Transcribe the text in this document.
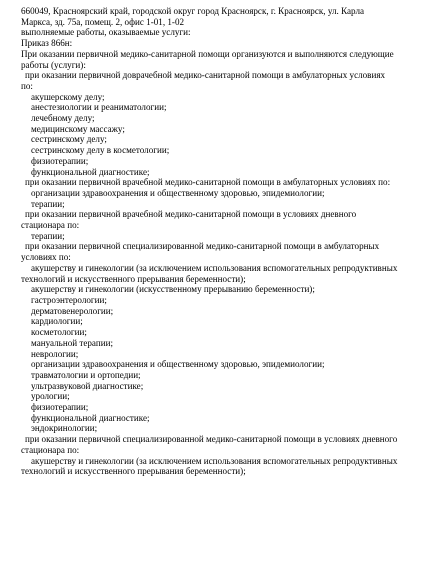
660049, Красноярский край, городской округ город Красноярск, г. Красноярск, ул. Карла

Маркса, зд. 75а, помещ. 2, офис 1-01, 1-02

выполняемые работы, оказываемые услуги:

Приказ 866н:

При оказании первичной медико-санитарной помощи организуются и выполняются следующие

работы (услуги):

при оказании первичной доврачебной медико-санитарной помощи в амбулаторных условиях

по:

акушерскому делу;

анестезиологии и реаниматологии;

лечебному делу;

медицинскому массажу;

сестринскому делу;

сестринскому делу в косметологии;

физиотерапии;

функциональной диагностике;

при оказании первичной врачебной медико-санитарной помощи в амбулаторных условиях по:

организации здравоохранения и общественному здоровью, эпидемиологии;

терапии;

при оказании первичной врачебной медико-санитарной помощи в условиях дневного

стационара по:

терапии;

при оказании первичной специализированной медико-санитарной помощи в амбулаторных

условиях по:

акушерству и гинекологии (за исключением использования вспомогательных репродуктивных

технологий и искусственного прерывания беременности);

акушерству и гинекологии (искусственному прерыванию беременности);

гастроэнтерологии;

дерматовенерологии;

кардиологии;

косметологии;

мануальной терапии;

неврологии;

организации здравоохранения и общественному здоровью, эпидемиологии;

травматологии и ортопедии;

ультразвуковой диагностике;

урологии;

физиотерапии;

функциональной диагностике;

эндокринологии;

при оказании первичной специализированной медико-санитарной помощи в условиях дневного

стационара по:

акушерству и гинекологии (за исключением использования вспомогательных репродуктивных

технологий и искусственного прерывания беременности);
